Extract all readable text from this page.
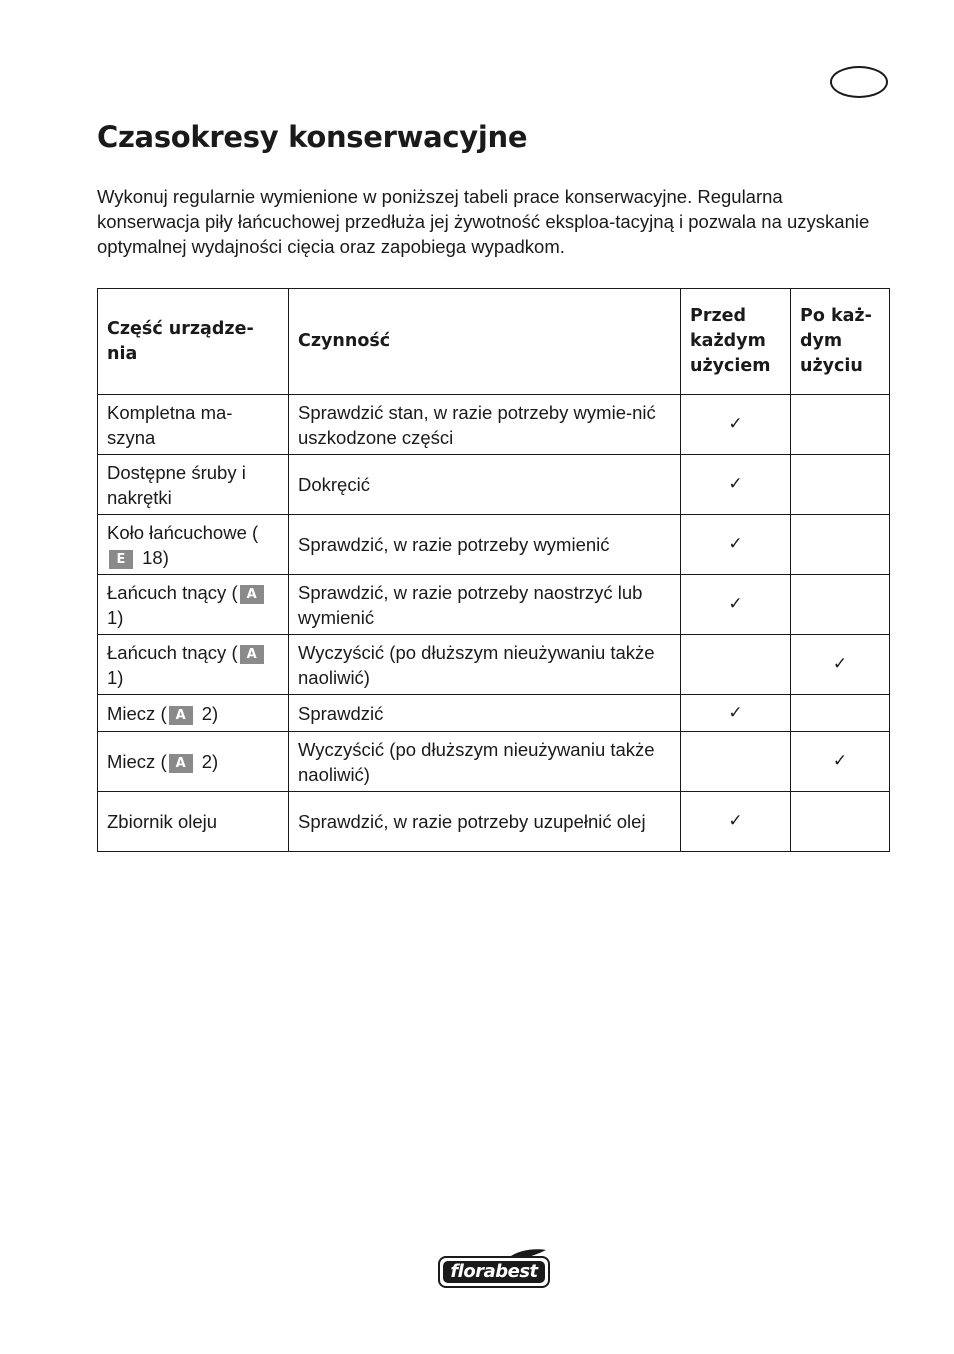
Czasokresy konserwacyjne

Wykonuj regularnie wymienione w poniższej tabeli prace konserwacyjne. Regularna konserwacja piły łańcuchowej przedłuża jej żywotność eksploa-tacyjną i pozwala na uzyskanie optymalnej wydajności cięcia oraz zapobiega wypadkom.

Część urządze-nia	Czynność	Przed każdym użyciem	Po każ-dym użyciu
Kompletna ma-szyna	Sprawdzić stan, w razie potrzeby wymie-nić uszkodzone części	✓	
Dostępne śruby i nakrętki	Dokręcić	✓	
Koło łańcuchowe (E 18)	Sprawdzić, w razie potrzeby wymienić	✓	
Łańcuch tnący ( A 1)	Sprawdzić, w razie potrzeby naostrzyć lub wymienić	✓	
Łańcuch tnący ( A 1)	Wyczyścić (po dłuższym nieużywaniu także naoliwić)		✓
Miecz ( A 2)	Sprawdzić	✓	
Miecz ( A 2)	Wyczyścić (po dłuższym nieużywaniu także naoliwić)		✓
Zbiornik oleju	Sprawdzić, w razie potrzeby uzupełnić olej	✓	
florabest
